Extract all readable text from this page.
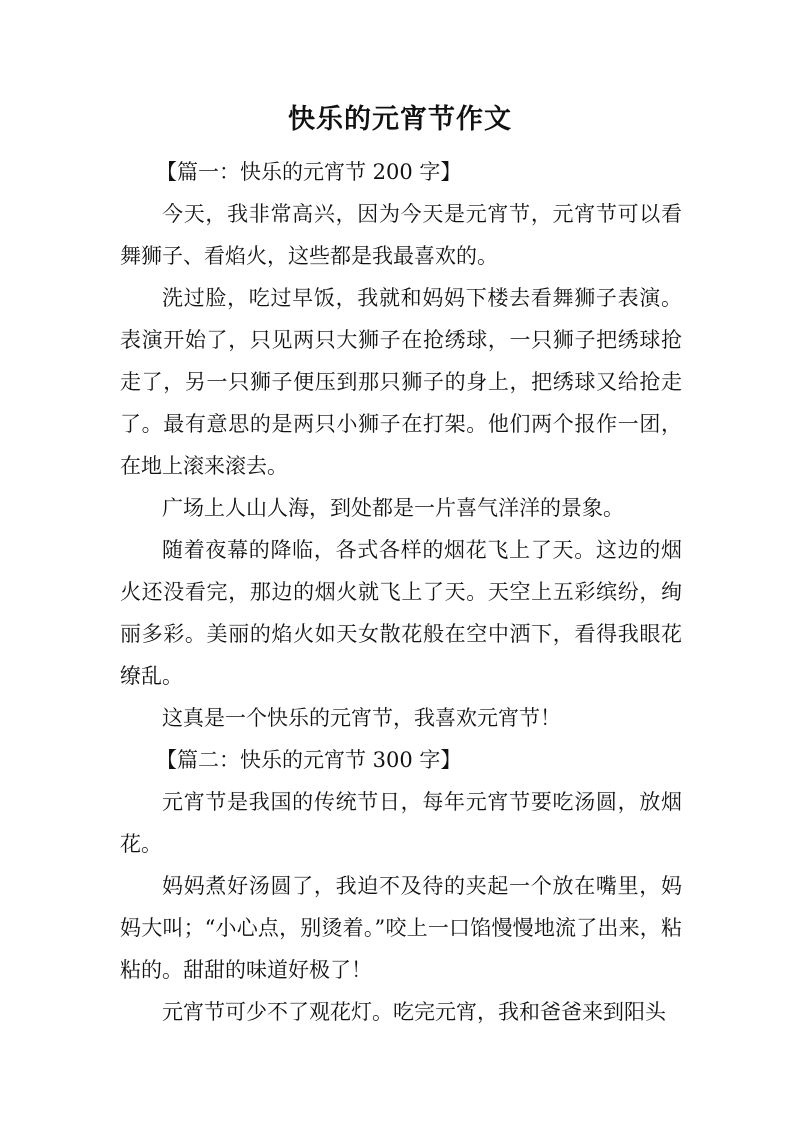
快乐的元宵节作文

【篇一：快乐的元宵节 200 字】

今天，我非常高兴，因为今天是元宵节，元宵节可以看舞狮子、看焰火，这些都是我最喜欢的。

洗过脸，吃过早饭，我就和妈妈下楼去看舞狮子表演。表演开始了，只见两只大狮子在抢绣球，一只狮子把绣球抢走了，另一只狮子便压到那只狮子的身上，把绣球又给抢走了。最有意思的是两只小狮子在打架。他们两个报作一团，在地上滚来滚去。

广场上人山人海，到处都是一片喜气洋洋的景象。

随着夜幕的降临，各式各样的烟花飞上了天。这边的烟火还没看完，那边的烟火就飞上了天。天空上五彩缤纷，绚丽多彩。美丽的焰火如天女散花般在空中洒下，看得我眼花缭乱。

这真是一个快乐的元宵节，我喜欢元宵节！

【篇二：快乐的元宵节 300 字】

元宵节是我国的传统节日，每年元宵节要吃汤圆，放烟花。

妈妈煮好汤圆了，我迫不及待的夹起一个放在嘴里，妈妈大叫；“小心点，别烫着。”咬上一口馅慢慢地流了出来，粘粘的。甜甜的味道好极了！

元宵节可少不了观花灯。吃完元宵，我和爸爸来到阳头
